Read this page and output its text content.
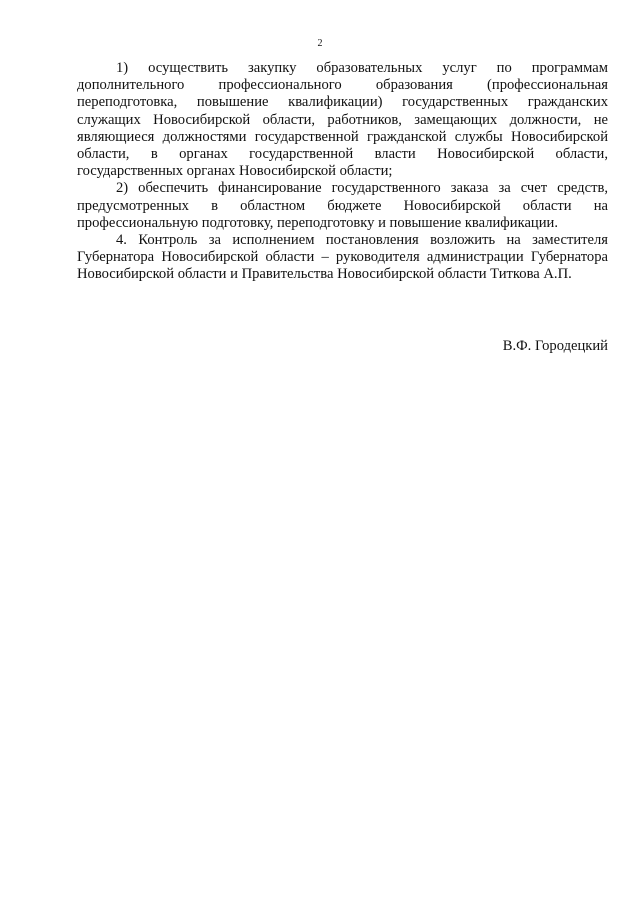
2

1) осуществить закупку образовательных услуг по программам дополнительного профессионального образования (профессиональная переподготовка, повышение квалификации) государственных гражданских служащих Новосибирской области, работников, замещающих должности, не являющиеся должностями государственной гражданской службы Новосибирской области, в органах государственной власти Новосибирской области, государственных органах Новосибирской области;

2) обеспечить финансирование государственного заказа за счет средств, предусмотренных в областном бюджете Новосибирской области на профессиональную подготовку, переподготовку и повышение квалификации.

4. Контроль за исполнением постановления возложить на заместителя Губернатора Новосибирской области – руководителя администрации Губернатора Новосибирской области и Правительства Новосибирской области Титкова А.П.

В.Ф. Городецкий
